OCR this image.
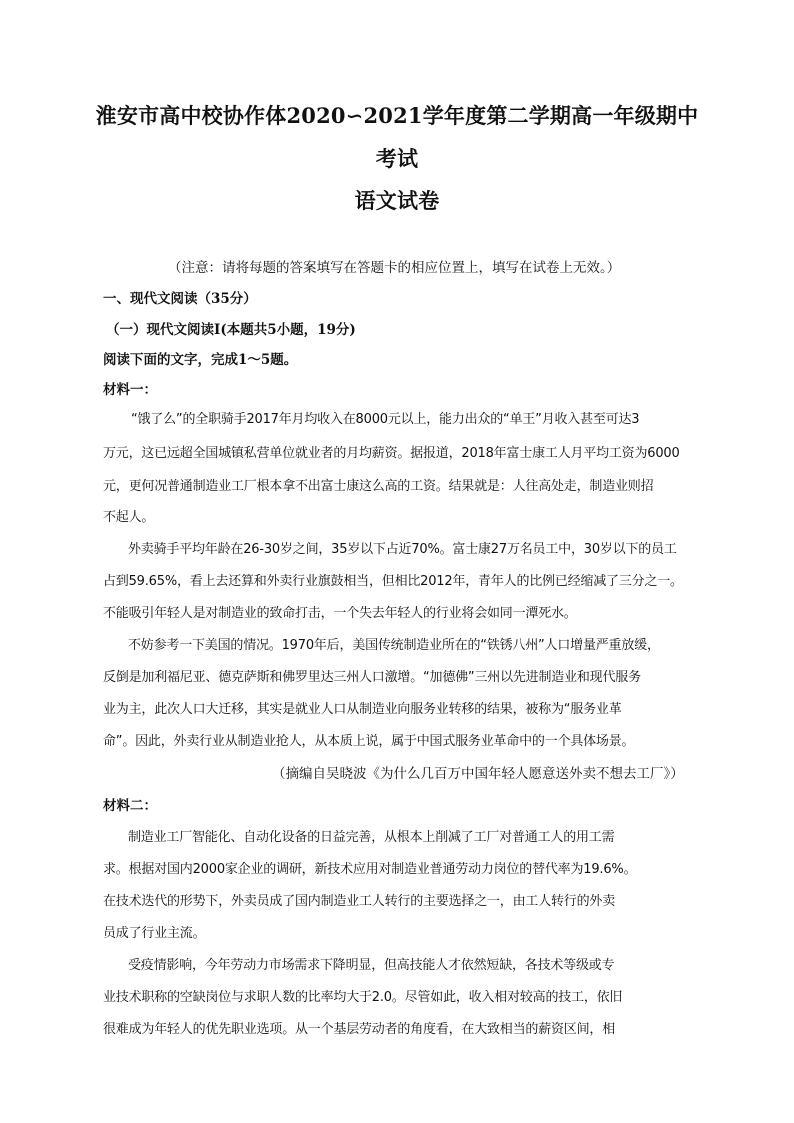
淮安市高中校协作体2020∽2021学年度第二学期高一年级期中
考试
语文试卷
（注意：请将每题的答案填写在答题卡的相应位置上，填写在试卷上无效。）
一、现代文阅读（35分）
（一）现代文阅读Ⅰ(本题共5小题，19分)
阅读下面的文字，完成1～5题。
材料一：
“饿了么”的全职骑手2017年月均收入在8000元以上，能力出众的“单王”月收入甚至可达3
万元，这已远超全国城镇私营单位就业者的月均薪资。据报道，2018年富士康工人月平均工资为6000
元，更何况普通制造业工厂根本拿不出富士康这么高的工资。结果就是：人往高处走，制造业则招
不起人。
外卖骑手平均年龄在26-30岁之间，35岁以下占近70%。富士康27万名员工中，30岁以下的员工
占到59.65%，看上去还算和外卖行业旗鼓相当，但相比2012年，青年人的比例已经缩减了三分之一。
不能吸引年轻人是对制造业的致命打击，一个失去年轻人的行业将会如同一潭死水。
不妨参考一下美国的情况。1970年后，美国传统制造业所在的“铁锈八州”人口增量严重放缓，
反倒是加利福尼亚、德克萨斯和佛罗里达三州人口激增。“加德佛”三州以先进制造业和现代服务
业为主，此次人口大迁移，其实是就业人口从制造业向服务业转移的结果，被称为“服务业革
命”。因此，外卖行业从制造业抢人，从本质上说，属于中国式服务业革命中的一个具体场景。
（摘编自吴晓波《为什么几百万中国年轻人愿意送外卖不想去工厂》）
材料二：
制造业工厂智能化、自动化设备的日益完善，从根本上削减了工厂对普通工人的用工需
求。根据对国内2000家企业的调研，新技术应用对制造业普通劳动力岗位的替代率为19.6%。
在技术迭代的形势下，外卖员成了国内制造业工人转行的主要选择之一，由工人转行的外卖
员成了行业主流。
受疫情影响，今年劳动力市场需求下降明显，但高技能人才依然短缺，各技术等级或专
业技术职称的空缺岗位与求职人数的比率均大于2.0。尽管如此，收入相对较高的技工，依旧
很难成为年轻人的优先职业选项。从一个基层劳动者的角度看，在大致相当的薪资区间，相
